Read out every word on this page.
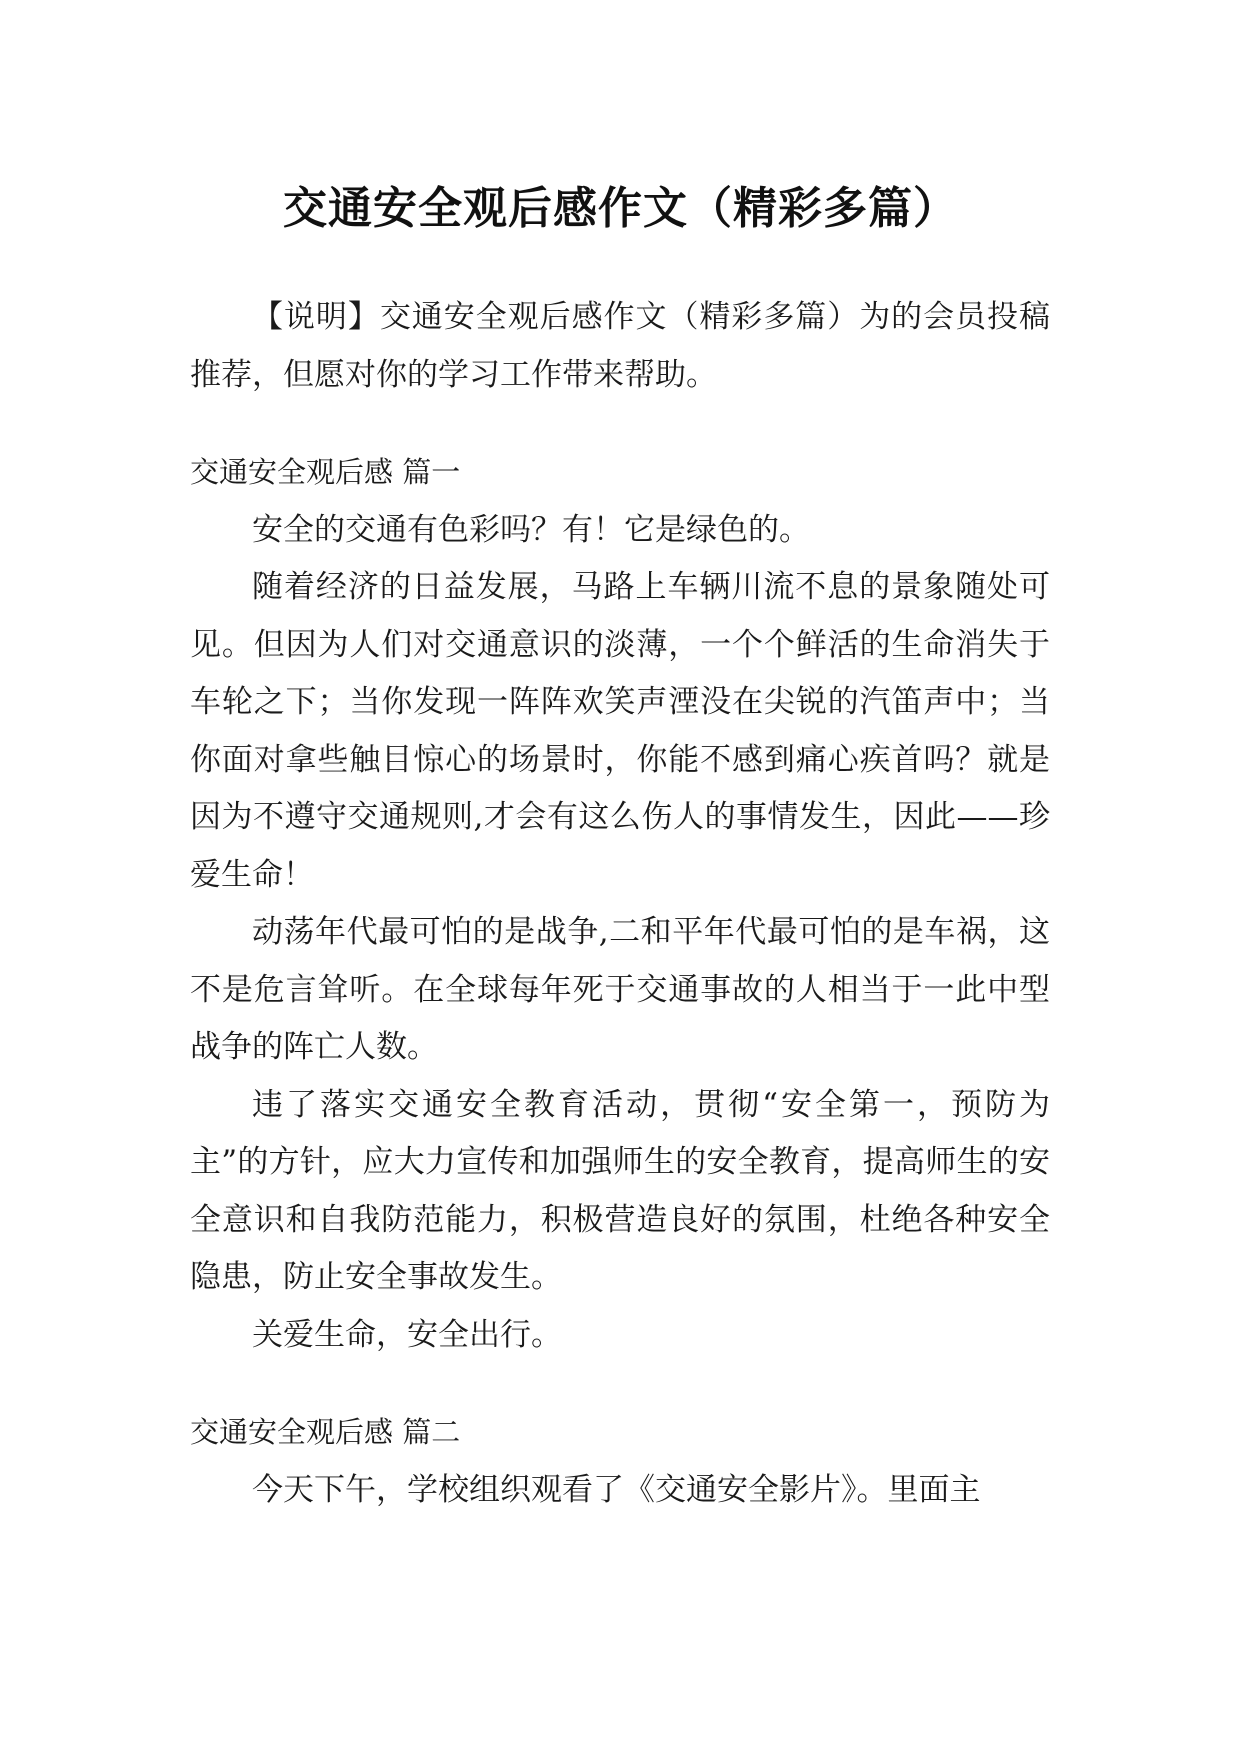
交通安全观后感作文（精彩多篇）

【说明】交通安全观后感作文（精彩多篇）为的会员投稿推荐，但愿对你的学习工作带来帮助。

交通安全观后感 篇一

安全的交通有色彩吗？有！它是绿色的。

随着经济的日益发展，马路上车辆川流不息的景象随处可见。但因为人们对交通意识的淡薄，一个个鲜活的生命消失于车轮之下；当你发现一阵阵欢笑声湮没在尖锐的汽笛声中；当你面对拿些触目惊心的场景时，你能不感到痛心疾首吗？就是因为不遵守交通规则,才会有这么伤人的事情发生，因此——珍爱生命！

动荡年代最可怕的是战争,二和平年代最可怕的是车祸，这不是危言耸听。在全球每年死于交通事故的人相当于一此中型战争的阵亡人数。

违了落实交通安全教育活动，贯彻“安全第一，预防为主”的方针，应大力宣传和加强师生的安全教育，提高师生的安全意识和自我防范能力，积极营造良好的氛围，杜绝各种安全隐患，防止安全事故发生。

关爱生命，安全出行。

交通安全观后感 篇二

今天下午，学校组织观看了《交通安全影片》。里面主
